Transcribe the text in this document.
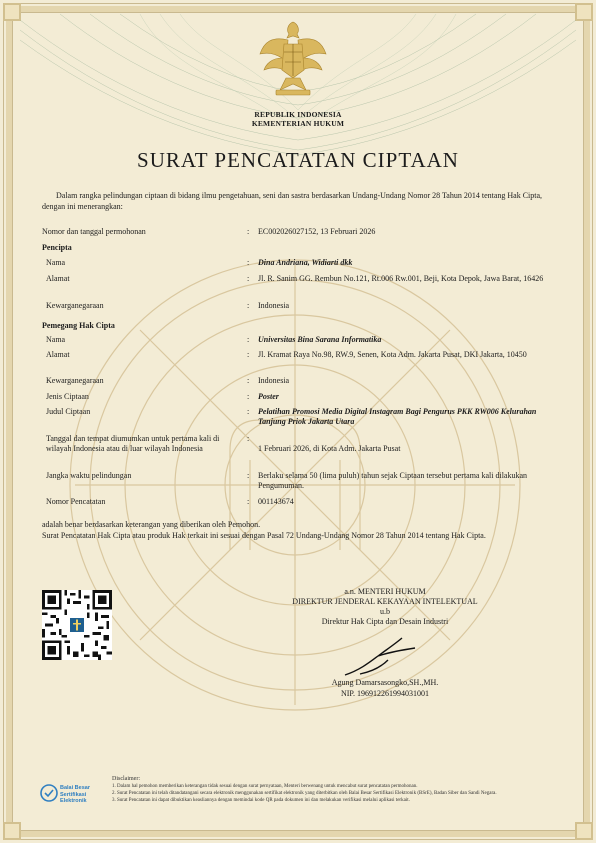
REPUBLIK INDONESIA
KEMENTERIAN HUKUM
SURAT PENCATATAN CIPTAAN
Dalam rangka pelindungan ciptaan di bidang ilmu pengetahuan, seni dan sastra berdasarkan Undang-Undang Nomor 28 Tahun 2014 tentang Hak Cipta, dengan ini menerangkan:
Nomor dan tanggal permohonan	: EC002026027152, 13 Februari 2026
Pencipta
Nama	: Dina Andriana, Widiarti dkk
Alamat	: Jl. R. Sanim GG. Rembun No.121, Rt.006 Rw.001, Beji, Kota Depok, Jawa Barat, 16426
Kewarganegaraan	: Indonesia
Pemegang Hak Cipta
Nama	: Universitas Bina Sarana Informatika
Alamat	: Jl. Kramat Raya No.98, RW.9, Senen, Kota Adm. Jakarta Pusat, DKI Jakarta, 10450
Kewarganegaraan	: Indonesia
Jenis Ciptaan	: Poster
Judul Ciptaan	: Pelatihan Promosi Media Digital Instagram Bagi Pengurus PKK RW006 Kelurahan Tanjung Priok Jakarta Utara
Tanggal dan tempat diumumkan untuk pertama kali di wilayah Indonesia atau di luar wilayah Indonesia
:
1 Februari 2026, di Kota Adm. Jakarta Pusat
Jangka waktu pelindungan	: Berlaku selama 50 (lima puluh) tahun sejak Ciptaan tersebut pertama kali dilakukan Pengumuman.
Nomor Pencatatan	: 001143674
adalah benar berdasarkan keterangan yang diberikan oleh Pemohon.
Surat Pencatatan Hak Cipta atau produk Hak terkait ini sesuai dengan Pasal 72 Undang-Undang Nomor 28 Tahun 2014 tentang Hak Cipta.
a.n. MENTERI HUKUM
DIREKTUR JENDERAL KEKAYAAN INTELEKTUAL
u.b
Direktur Hak Cipta dan Desain Industri
Agung Damarsasongko,SH.,MH.
NIP. 196912261994031001
Balai Besar
Sertifikasi
Elektronik
Disclaimer:
1. Dalam hal pemohon memberikan keterangan tidak sesuai dengan surat pernyataan, Menteri berwenang untuk mencabut surat pencatatan permohonan.
2. Surat Pencatatan ini telah ditandatangani secara elektronik menggunakan sertifikat elektronik yang diterbitkan oleh Balai Besar Sertifikasi Elektronik (BSrE), Badan Siber dan Sandi Negara.
3. Surat Pencatatan ini dapat dibuktikan keasliannya dengan memindai kode QR pada dokumen ini dan melakukan verifikasi melalui aplikasi terkait.
